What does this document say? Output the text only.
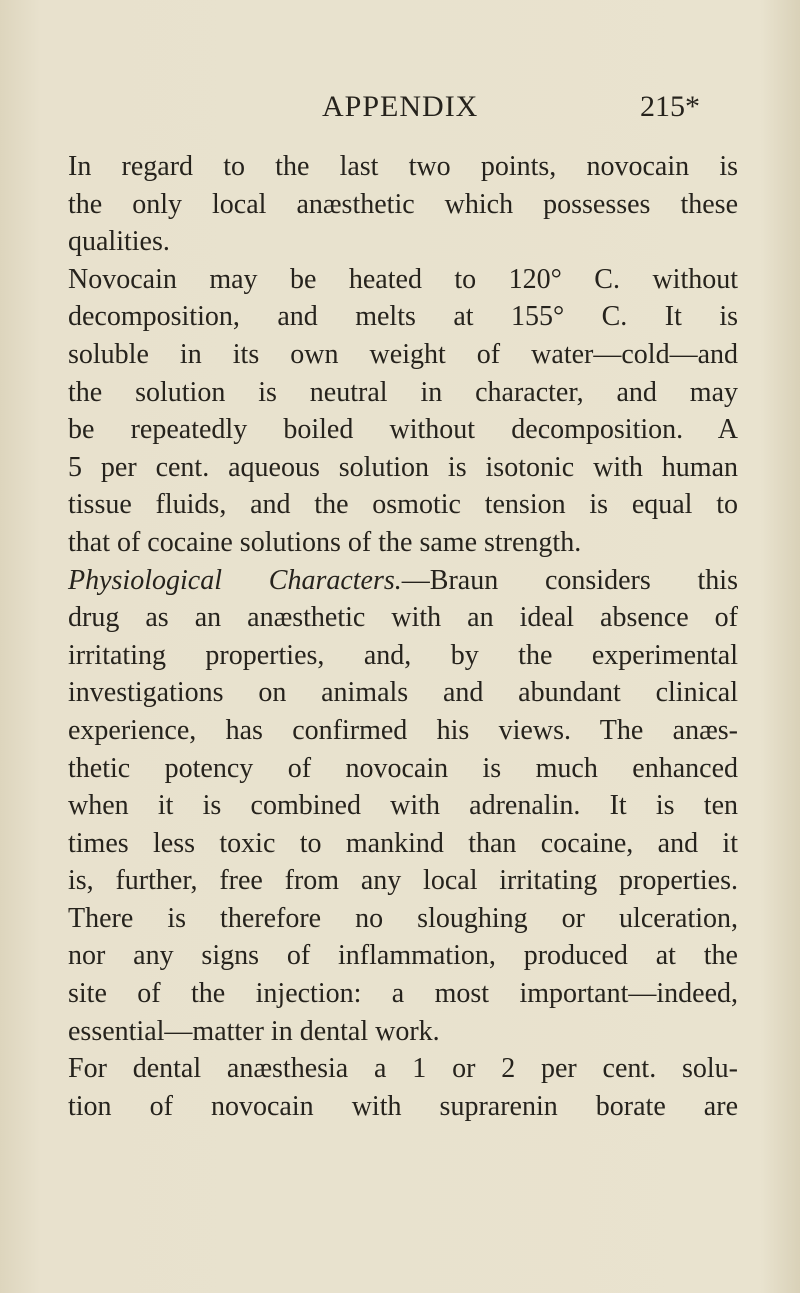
APPENDIX	215*
In regard to the last two points, novocain is
the only local anæsthetic which possesses these
qualities.
Novocain may be heated to 120° C. without
decomposition, and melts at 155° C. It is
soluble in its own weight of water—cold—and
the solution is neutral in character, and may
be repeatedly boiled without decomposition. A
5 per cent. aqueous solution is isotonic with human
tissue fluids, and the osmotic tension is equal to
that of cocaine solutions of the same strength.
Physiological Characters.—Braun considers this
drug as an anæsthetic with an ideal absence of
irritating properties, and, by the experimental
investigations on animals and abundant clinical
experience, has confirmed his views. The anæs-
thetic potency of novocain is much enhanced
when it is combined with adrenalin. It is ten
times less toxic to mankind than cocaine, and it
is, further, free from any local irritating properties.
There is therefore no sloughing or ulceration,
nor any signs of inflammation, produced at the
site of the injection: a most important—indeed,
essential—matter in dental work.
For dental anæsthesia a 1 or 2 per cent. solu-
tion of novocain with suprarenin borate are
